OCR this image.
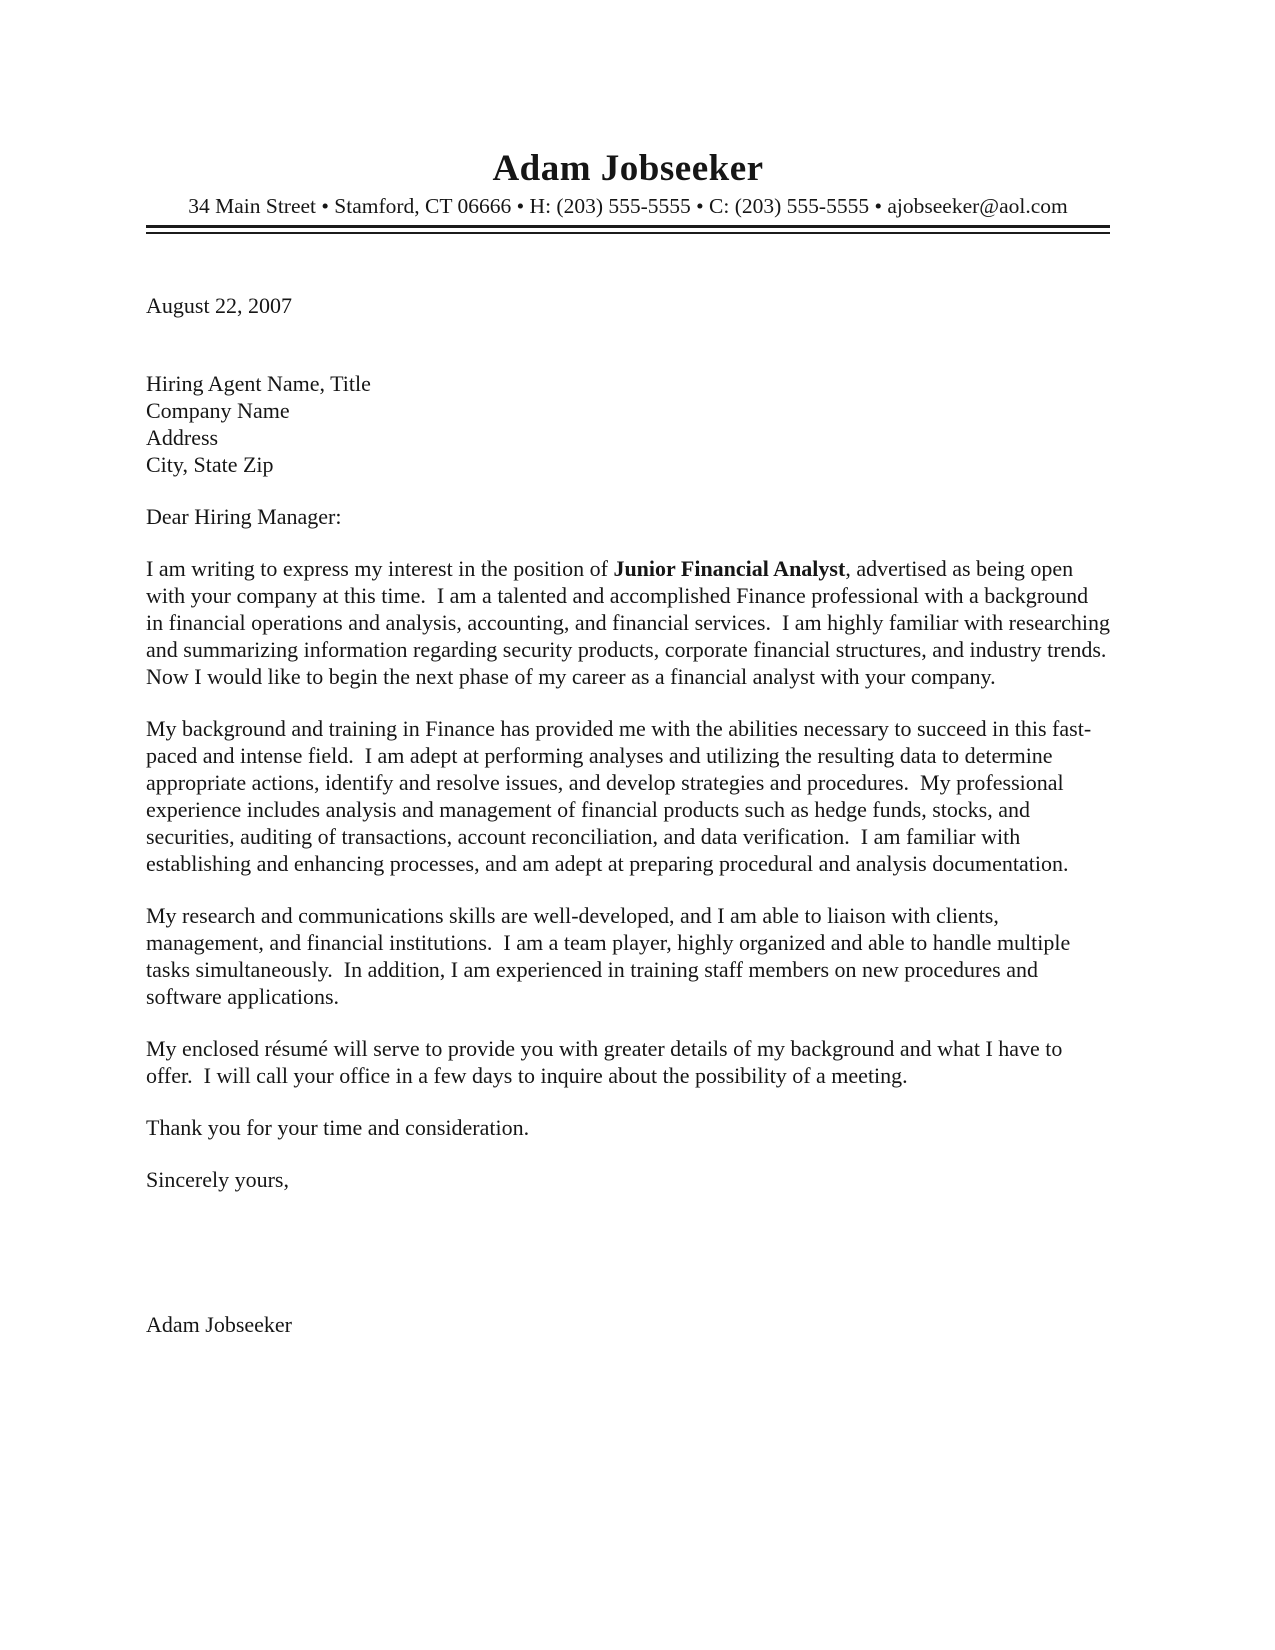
Adam Jobseeker
34 Main Street • Stamford, CT 06666 • H: (203) 555-5555 • C: (203) 555-5555 • ajobseeker@aol.com

August 22, 2007

Hiring Agent Name, Title

Company Name

Address

City, State Zip

Dear Hiring Manager:

I am writing to express my interest in the position of Junior Financial Analyst, advertised as being open with your company at this time.  I am a talented and accomplished Finance professional with a background in financial operations and analysis, accounting, and financial services.  I am highly familiar with researching and summarizing information regarding security products, corporate financial structures, and industry trends.  Now I would like to begin the next phase of my career as a financial analyst with your company.

My background and training in Finance has provided me with the abilities necessary to succeed in this fast-paced and intense field.  I am adept at performing analyses and utilizing the resulting data to determine appropriate actions, identify and resolve issues, and develop strategies and procedures.  My professional experience includes analysis and management of financial products such as hedge funds, stocks, and securities, auditing of transactions, account reconciliation, and data verification.  I am familiar with establishing and enhancing processes, and am adept at preparing procedural and analysis documentation.

My research and communications skills are well-developed, and I am able to liaison with clients, management, and financial institutions.  I am a team player, highly organized and able to handle multiple tasks simultaneously.  In addition, I am experienced in training staff members on new procedures and software applications.

My enclosed résumé will serve to provide you with greater details of my background and what I have to offer.  I will call your office in a few days to inquire about the possibility of a meeting.

Thank you for your time and consideration.

Sincerely yours,

Adam Jobseeker
